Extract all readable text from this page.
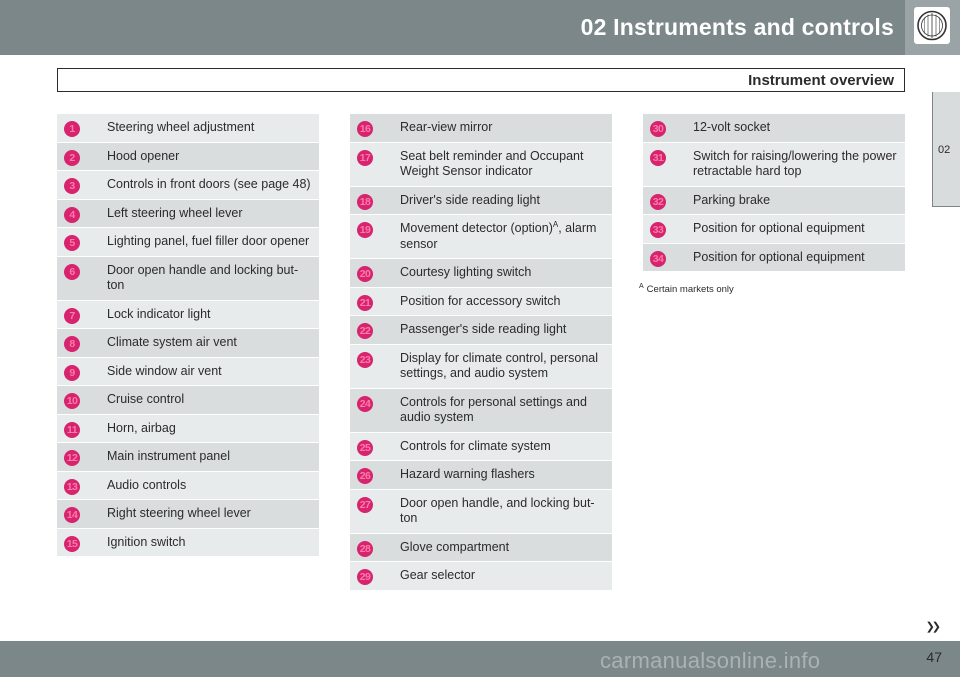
02 Instruments and controls
Instrument overview
02
1	Steering wheel adjustment
2	Hood opener
3	Controls in front doors (see page 48)
4	Left steering wheel lever
5	Lighting panel, fuel filler door opener
6	Door open handle and locking but-ton
7	Lock indicator light
8	Climate system air vent
9	Side window air vent
10	Cruise control
11	Horn, airbag
12	Main instrument panel
13	Audio controls
14	Right steering wheel lever
15	Ignition switch
16	Rear-view mirror
17	Seat belt reminder and Occupant Weight Sensor indicator
18	Driver's side reading light
19	Movement detector (option)$^A$, alarm sensor
20	Courtesy lighting switch
21	Position for accessory switch
22	Passenger's side reading light
23	Display for climate control, personal settings, and audio system
24	Controls for personal settings and audio system
25	Controls for climate system
26	Hazard warning flashers
27	Door open handle, and locking but-ton
28	Glove compartment
29	Gear selector
30	12-volt socket
31	Switch for raising/lowering the power retractable hard top
32	Parking brake
33	Position for optional equipment
34	Position for optional equipment
$^A$ Certain markets only
❯❯
carmanualsonline.info	47
